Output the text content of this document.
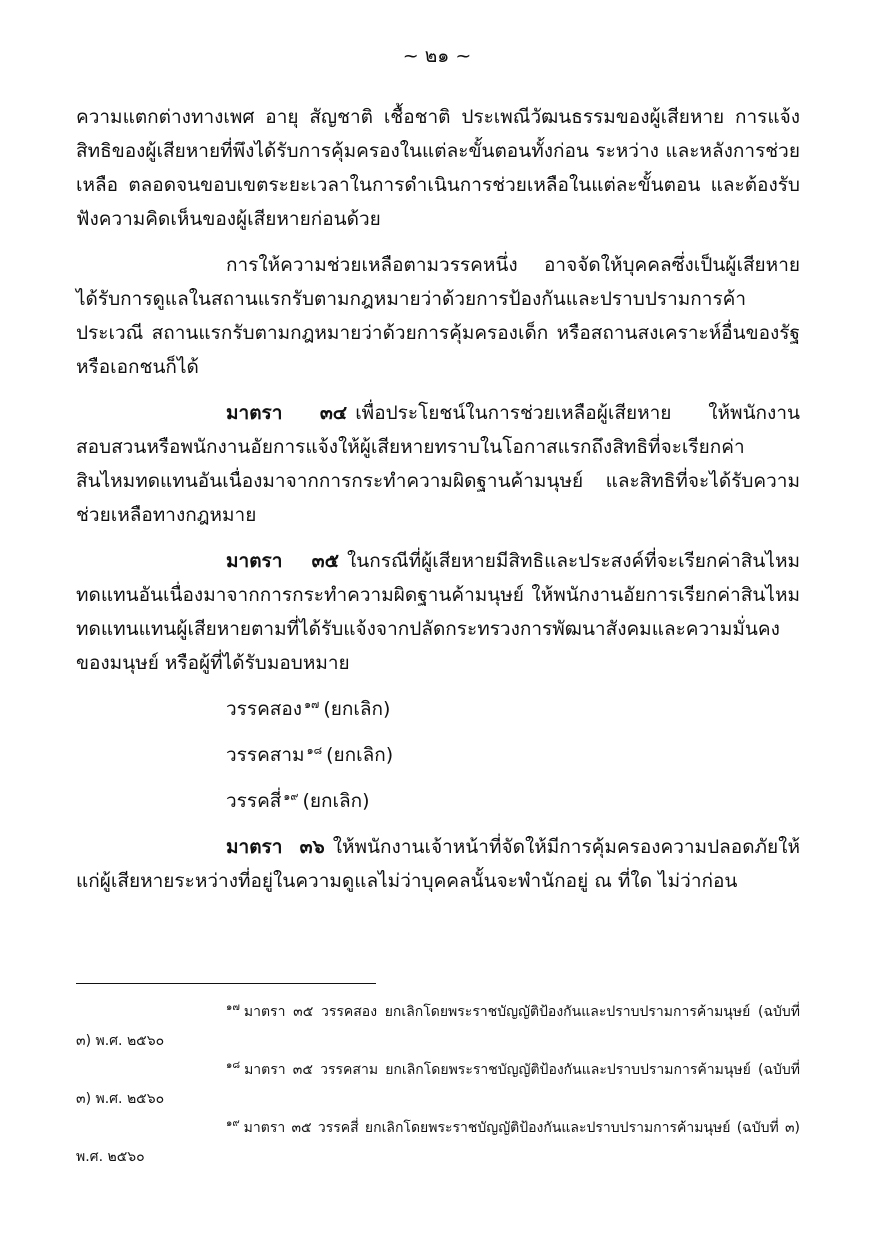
~ ๒๑ ~

ความแตกต่างทางเพศ อายุ สัญชาติ เชื้อชาติ ประเพณีวัฒนธรรมของผู้เสียหาย การแจ้งสิทธิของผู้เสียหายที่พึงได้รับการคุ้มครองในแต่ละขั้นตอนทั้งก่อน ระหว่าง และหลังการช่วยเหลือ ตลอดจนขอบเขตระยะเวลาในการดำเนินการช่วยเหลือในแต่ละขั้นตอน และต้องรับฟังความคิดเห็นของผู้เสียหายก่อนด้วย

การให้ความช่วยเหลือตามวรรคหนึ่ง อาจจัดให้บุคคลซึ่งเป็นผู้เสียหายได้รับการดูแลในสถานแรกรับตามกฎหมายว่าด้วยการป้องกันและปราบปรามการค้าประเวณี สถานแรกรับตามกฎหมายว่าด้วยการคุ้มครองเด็ก หรือสถานสงเคราะห์อื่นของรัฐหรือเอกชนก็ได้

มาตรา ๓๔ เพื่อประโยชน์ในการช่วยเหลือผู้เสียหาย ให้พนักงานสอบสวนหรือพนักงานอัยการแจ้งให้ผู้เสียหายทราบในโอกาสแรกถึงสิทธิที่จะเรียกค่าสินไหมทดแทนอันเนื่องมาจากการกระทำความผิดฐานค้ามนุษย์ และสิทธิที่จะได้รับความช่วยเหลือทางกฎหมาย

มาตรา ๓๕ ในกรณีที่ผู้เสียหายมีสิทธิและประสงค์ที่จะเรียกค่าสินไหมทดแทนอันเนื่องมาจากการกระทำความผิดฐานค้ามนุษย์ ให้พนักงานอัยการเรียกค่าสินไหมทดแทนแทนผู้เสียหายตามที่ได้รับแจ้งจากปลัดกระทรวงการพัฒนาสังคมและความมั่นคงของมนุษย์ หรือผู้ที่ได้รับมอบหมาย

วรรคสอง $^{๑๗}$ (ยกเลิก)
วรรคสาม $^{๑๘}$ (ยกเลิก)
วรรคสี่ $^{๑๙}$ (ยกเลิก)

มาตรา ๓๖ ให้พนักงานเจ้าหน้าที่จัดให้มีการคุ้มครองความปลอดภัยให้แก่ผู้เสียหายระหว่างที่อยู่ในความดูแลไม่ว่าบุคคลนั้นจะพำนักอยู่ ณ ที่ใด ไม่ว่าก่อน

$^{๑๗}$ มาตรา ๓๕ วรรคสอง ยกเลิกโดยพระราชบัญญัติป้องกันและปราบปรามการค้ามนุษย์ (ฉบับที่ ๓) พ.ศ. ๒๕๖๐

$^{๑๘}$ มาตรา ๓๕ วรรคสาม ยกเลิกโดยพระราชบัญญัติป้องกันและปราบปรามการค้ามนุษย์ (ฉบับที่ ๓) พ.ศ. ๒๕๖๐

$^{๑๙}$ มาตรา ๓๕ วรรคสี่ ยกเลิกโดยพระราชบัญญัติป้องกันและปราบปรามการค้ามนุษย์ (ฉบับที่ ๓) พ.ศ. ๒๕๖๐
